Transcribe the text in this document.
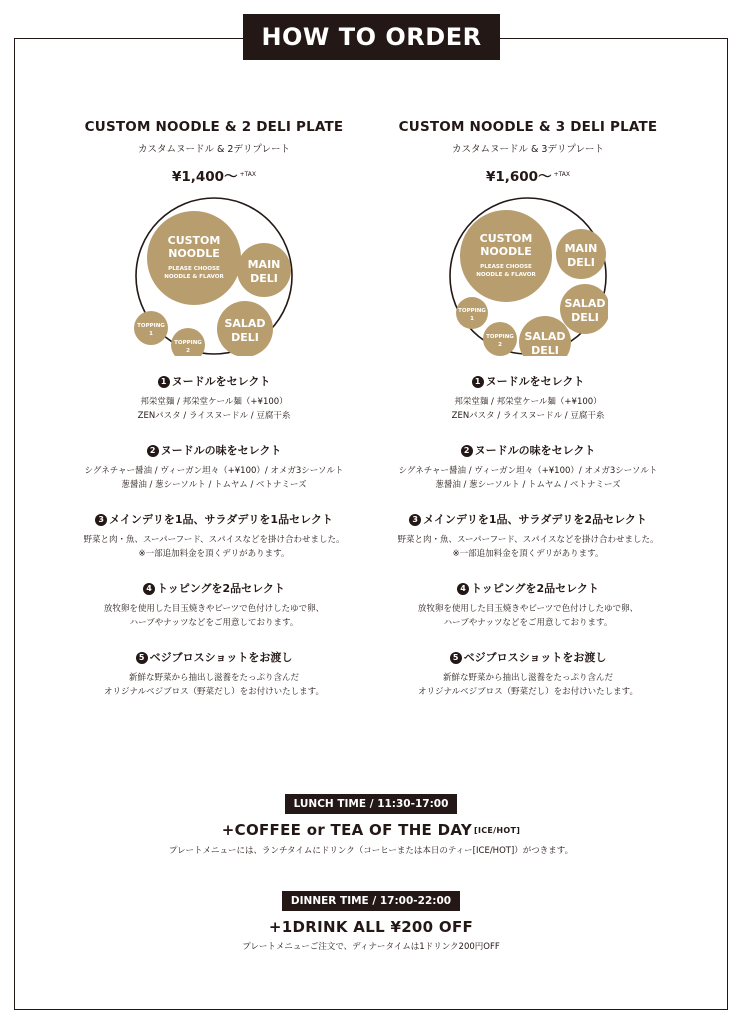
HOW TO ORDER
CUSTOM NOODLE & 2 DELI PLATE
カスタムヌードル & 2デリプレート
¥1,400〜 $^{+TAX}$
CUSTOM
NOODLE
PLEASE CHOOSE
NOODLE & FLAVOR
MAIN
DELI
SALAD
DELI
TOPPING
1
TOPPING
2
1 ヌードルをセレクト
邦栄堂麺 / 邦栄堂ケール麺（+¥100）
ZENパスタ / ライスヌードル / 豆腐干糸
2 ヌードルの味をセレクト
シグネチャー醤油 / ヴィーガン坦々（+¥100）/ オメガ3シーソルト
葱醤油 / 葱シーソルト / トムヤム / ベトナミーズ
3 メインデリを1品、サラダデリを1品セレクト
野菜と肉・魚、スーパーフード、スパイスなどを掛け合わせました。
※一部追加料金を頂くデリがあります。
4 トッピングを2品セレクト
放牧卵を使用した目玉焼きやビーツで色付けしたゆで卵、
ハーブやナッツなどをご用意しております。
5 ベジブロスショットをお渡し
新鮮な野菜から抽出し滋養をたっぷり含んだ
オリジナルベジブロス（野菜だし）をお付けいたします。
CUSTOM NOODLE & 3 DELI PLATE
カスタムヌードル & 3デリプレート
¥1,600〜 $^{+TAX}$
CUSTOM
NOODLE
PLEASE CHOOSE
NOODLE & FLAVOR
MAIN
DELI
SALAD
DELI
SALAD
DELI
TOPPING
1
TOPPING
2
1 ヌードルをセレクト
邦栄堂麺 / 邦栄堂ケール麺（+¥100）
ZENパスタ / ライスヌードル / 豆腐干糸
2 ヌードルの味をセレクト
シグネチャー醤油 / ヴィーガン坦々（+¥100）/ オメガ3シーソルト
葱醤油 / 葱シーソルト / トムヤム / ベトナミーズ
3 メインデリを1品、サラダデリを2品セレクト
野菜と肉・魚、スーパーフード、スパイスなどを掛け合わせました。
※一部追加料金を頂くデリがあります。
4 トッピングを2品セレクト
放牧卵を使用した目玉焼きやビーツで色付けしたゆで卵、
ハーブやナッツなどをご用意しております。
5 ベジブロスショットをお渡し
新鮮な野菜から抽出し滋養をたっぷり含んだ
オリジナルベジブロス（野菜だし）をお付けいたします。
LUNCH TIME / 11:30-17:00
+COFFEE or TEA OF THE DAY [ICE/HOT]
プレートメニューには、ランチタイムにドリンク（コーヒーまたは本日のティー[ICE/HOT]）がつきます。
DINNER TIME / 17:00-22:00
+1DRINK ALL ¥200 OFF
プレートメニューご注文で、ディナータイムは1ドリンク200円OFF
